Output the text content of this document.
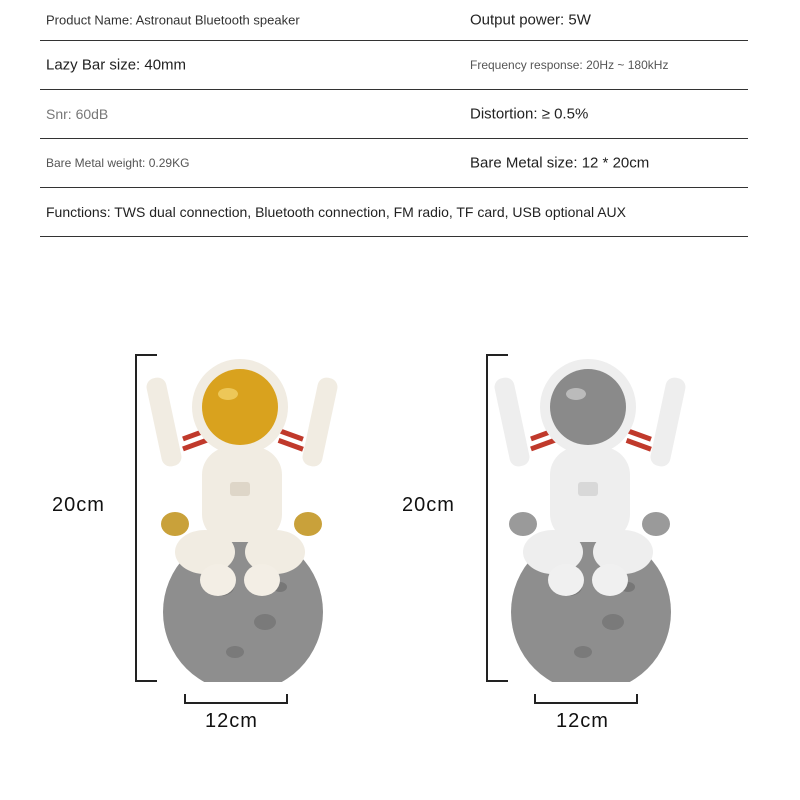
Product Name: Astronaut Bluetooth speaker	Output power: 5W
Lazy Bar size: 40mm	Frequency response: 20Hz ~ 180kHz
Snr: 60dB	Distortion: ≥ 0.5%
Bare Metal weight: 0.29KG	Bare Metal size: 12 * 20cm
Functions: TWS dual connection, Bluetooth connection, FM radio, TF card, USB optional AUX
20cm
12cm
20cm
12cm
